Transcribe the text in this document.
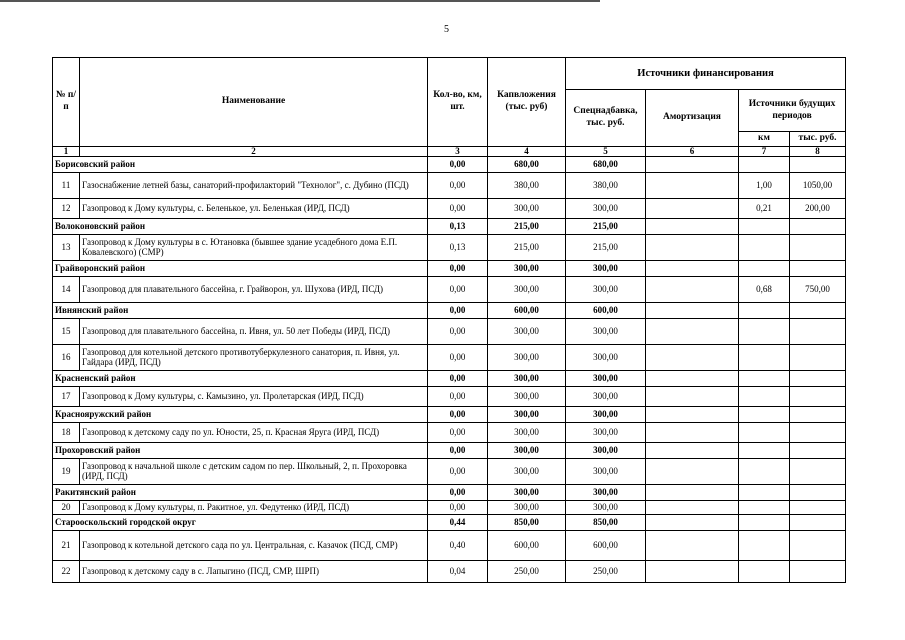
5
№ п/п	Наименование	Кол-во, км, шт.	Капвложения (тыс. руб)	Источники финансирования			
				Спецнадбавка, тыс. руб.	Амортизация	Источники будущих периодов	
						км	тыс. руб.
1	2	3	4	5	6	7	8
Борисовский район		0,00	680,00	680,00			
11	Газоснабжение летней базы, санаторий-профилакторий "Технолог", с. Дубино (ПСД)	0,00	380,00	380,00		1,00	1050,00
12	Газопровод к Дому культуры, с. Беленькое, ул. Беленькая (ИРД, ПСД)	0,00	300,00	300,00		0,21	200,00
Волоконовский район		0,13	215,00	215,00			
13	Газопровод к Дому культуры в с. Ютановка (бывшее здание усадебного дома Е.П. Ковалевского) (СМР)	0,13	215,00	215,00			
Грайворонский район		0,00	300,00	300,00			
14	Газопровод для плавательного бассейна, г. Грайворон, ул. Шухова (ИРД, ПСД)	0,00	300,00	300,00		0,68	750,00
Ивнянский район		0,00	600,00	600,00			
15	Газопровод для плавательного бассейна, п. Ивня, ул. 50 лет Победы (ИРД, ПСД)	0,00	300,00	300,00			
16	Газопровод для котельной детского противотуберкулезного санатория, п. Ивня, ул. Гайдара (ИРД, ПСД)	0,00	300,00	300,00			
Красненский район		0,00	300,00	300,00			
17	Газопровод к Дому культуры, с. Камызино, ул. Пролетарская (ИРД, ПСД)	0,00	300,00	300,00			
Краснояружский район		0,00	300,00	300,00			
18	Газопровод к детскому саду по ул. Юности, 25, п. Красная Яруга (ИРД, ПСД)	0,00	300,00	300,00			
Прохоровский район		0,00	300,00	300,00			
19	Газопровод к начальной школе с детским садом по пер. Школьный, 2, п. Прохоровка (ИРД, ПСД)	0,00	300,00	300,00			
Ракитянский район		0,00	300,00	300,00			
20	Газопровод к Дому культуры, п. Ракитное, ул. Федутенко (ИРД, ПСД)	0,00	300,00	300,00			
Старооскольский городской округ		0,44	850,00	850,00			
21	Газопровод к котельной детского сада по ул. Центральная, с. Казачок (ПСД, СМР)	0,40	600,00	600,00			
22	Газопровод к детскому саду в с. Лапыгино (ПСД, СМР, ШРП)	0,04	250,00	250,00			
